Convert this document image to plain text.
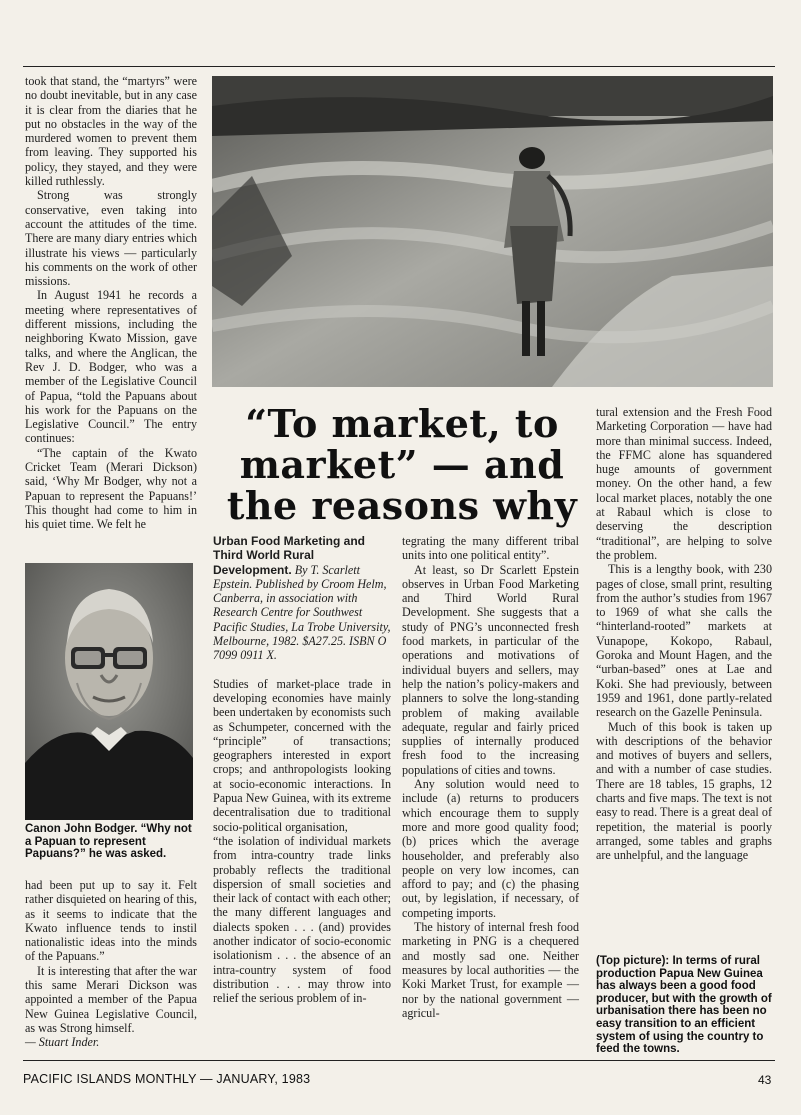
took that stand, the “martyrs” were no doubt inevitable, but in any case it is clear from the diaries that he put no obstacles in the way of the murdered women to prevent them from leaving. They supported his policy, they stayed, and they were killed ruthlessly.

Strong was strongly conservative, even taking into account the attitudes of the time. There are many diary entries which illustrate his views — particularly his comments on the work of other missions.

In August 1941 he records a meeting where representatives of different missions, including the neighboring Kwato Mission, gave talks, and where the Anglican, the Rev J. D. Bodger, who was a member of the Legislative Council of Papua, “told the Papuans about his work for the Papuans on the Legislative Council.” The entry continues:

“The captain of the Kwato Cricket Team (Merari Dickson) said, ‘Why Mr Bodger, why not a Papuan to represent the Papuans!’ This thought had come to him in his quiet time. We felt he

Canon John Bodger. “Why not a Papuan to represent Papuans?” he was asked.

had been put up to say it. Felt rather disquieted on hearing of this, as it seems to indicate that the Kwato influence tends to instil nationalistic ideas into the minds of the Papuans.”

It is interesting that after the war this same Merari Dickson was appointed a member of the Papua New Guinea Legislative Council, as was Strong himself.

— Stuart Inder.

“To market, to market” — and the reasons why

Urban Food Marketing and Third World Rural Development. By T. Scarlett Epstein. Published by Croom Helm, Canberra, in association with Research Centre for Southwest Pacific Studies, La Trobe University, Melbourne, 1982. $A27.25. ISBN O 7099 0911 X.

Studies of market-place trade in developing economies have mainly been undertaken by economists such as Schumpeter, concerned with the “principle” of transactions; geographers interested in export crops; and anthropologists looking at socio-economic interactions. In Papua New Guinea, with its extreme decentralisation due to traditional socio-political organisation,

“the isolation of individual markets from intra-country trade links probably reflects the traditional dispersion of small societies and their lack of contact with each other; the many different languages and dialects spoken . . . (and) provides another indicator of socio-economic isolationism . . . the absence of an intra-country system of food distribution . . . may throw into relief the serious problem of in-

tegrating the many different tribal units into one political entity”.

At least, so Dr Scarlett Epstein observes in Urban Food Marketing and Third World Rural Development. She suggests that a study of PNG’s unconnected fresh food markets, in particular of the operations and motivations of individual buyers and sellers, may help the nation’s policy-makers and planners to solve the long-standing problem of making available adequate, regular and fairly priced supplies of internally produced fresh food to the increasing populations of cities and towns.

Any solution would need to include (a) returns to producers which encourage them to supply more and more good quality food; (b) prices which the average householder, and preferably also people on very low incomes, can afford to pay; and (c) the phasing out, by legislation, if necessary, of competing imports.

The history of internal fresh food marketing in PNG is a chequered and mostly sad one. Neither measures by local authorities — the Koki Market Trust, for example — nor by the national government — agricul-

tural extension and the Fresh Food Marketing Corporation — have had more than minimal success. Indeed, the FFMC alone has squandered huge amounts of government money. On the other hand, a few local market places, notably the one at Rabaul which is close to deserving the description “traditional”, are helping to solve the problem.

This is a lengthy book, with 230 pages of close, small print, resulting from the author’s studies from 1967 to 1969 of what she calls the “hinterland-rooted” markets at Vunapope, Kokopo, Rabaul, Goroka and Mount Hagen, and the “urban-based” ones at Lae and Koki. She had previously, between 1959 and 1961, done partly-related research on the Gazelle Peninsula.

Much of this book is taken up with descriptions of the behavior and motives of buyers and sellers, and with a number of case studies. There are 18 tables, 15 graphs, 12 charts and five maps. The text is not easy to read. There is a great deal of repetition, the material is poorly arranged, some tables and graphs are unhelpful, and the language

(Top picture): In terms of rural production Papua New Guinea has always been a good food producer, but with the growth of urbanisation there has been no easy transition to an efficient system of using the country to feed the towns.
PACIFIC ISLANDS MONTHLY — JANUARY, 1983	43
